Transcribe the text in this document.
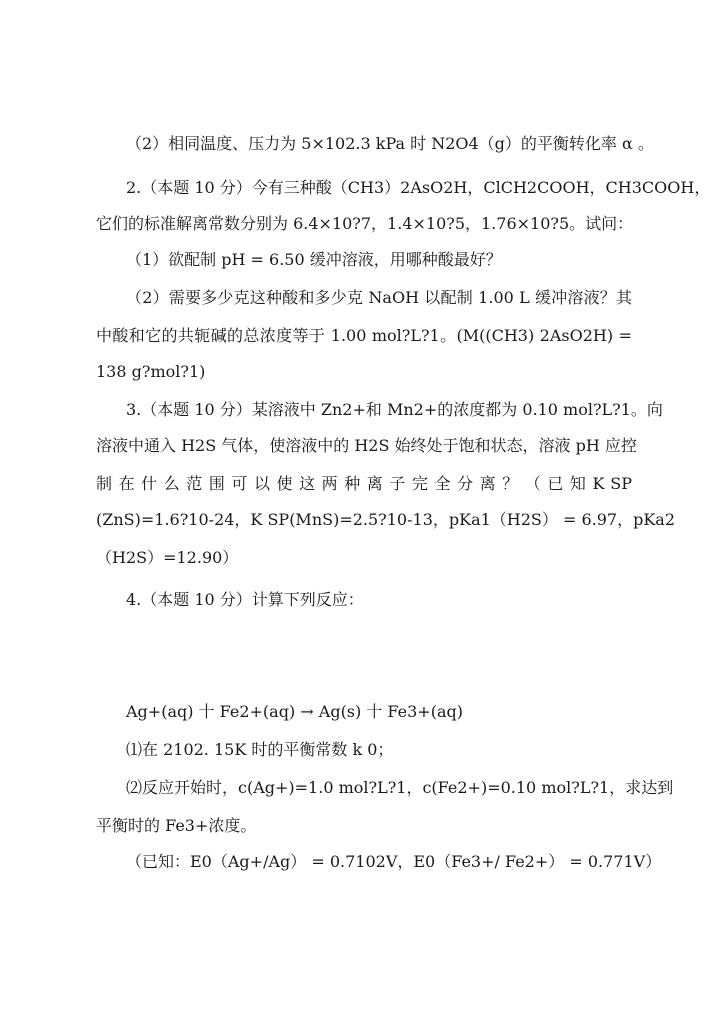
（2）相同温度、压力为 5×102.3 kPa 时 N2O4（g）的平衡转化率 α 。
2.（本题 10 分）今有三种酸（CH3）2AsO2H，ClCH2COOH，CH3COOH，
它们的标准解离常数分别为 6.4×10?7，1.4×10?5，1.76×10?5。试问：
（1）欲配制 pH = 6.50 缓冲溶液，用哪种酸最好？
（2）需要多少克这种酸和多少克 NaOH 以配制 1.00 L 缓冲溶液？其
中酸和它的共轭碱的总浓度等于 1.00 mol?L?1。(M((CH3) 2AsO2H) =
138 g?mol?1)
3.（本题 10 分）某溶液中 Zn2+和 Mn2+的浓度都为 0.10 mol?L?1。向
溶液中通入 H2S 气体，使溶液中的 H2S 始终处于饱和状态，溶液 pH 应控
制 在 什 么 范 围 可 以 使 这 两 种 离 子 完 全 分 离 ？ （ 已 知 K SP
(ZnS)=1.6?10-24，K SP(MnS)=2.5?10-13，pKa1（H2S） = 6.97，pKa2
（H2S）=12.90）
4.（本题 10 分）计算下列反应：
Ag+(aq) 十 Fe2+(aq) → Ag(s) 十 Fe3+(aq)
⑴在 2102. 15K 时的平衡常数 k 0；
⑵反应开始时，c(Ag+)=1.0 mol?L?1，c(Fe2+)=0.10 mol?L?1，求达到
平衡时的 Fe3+浓度。
（已知：E0（Ag+/Ag） = 0.7102V，E0（Fe3+/ Fe2+） = 0.771V）
